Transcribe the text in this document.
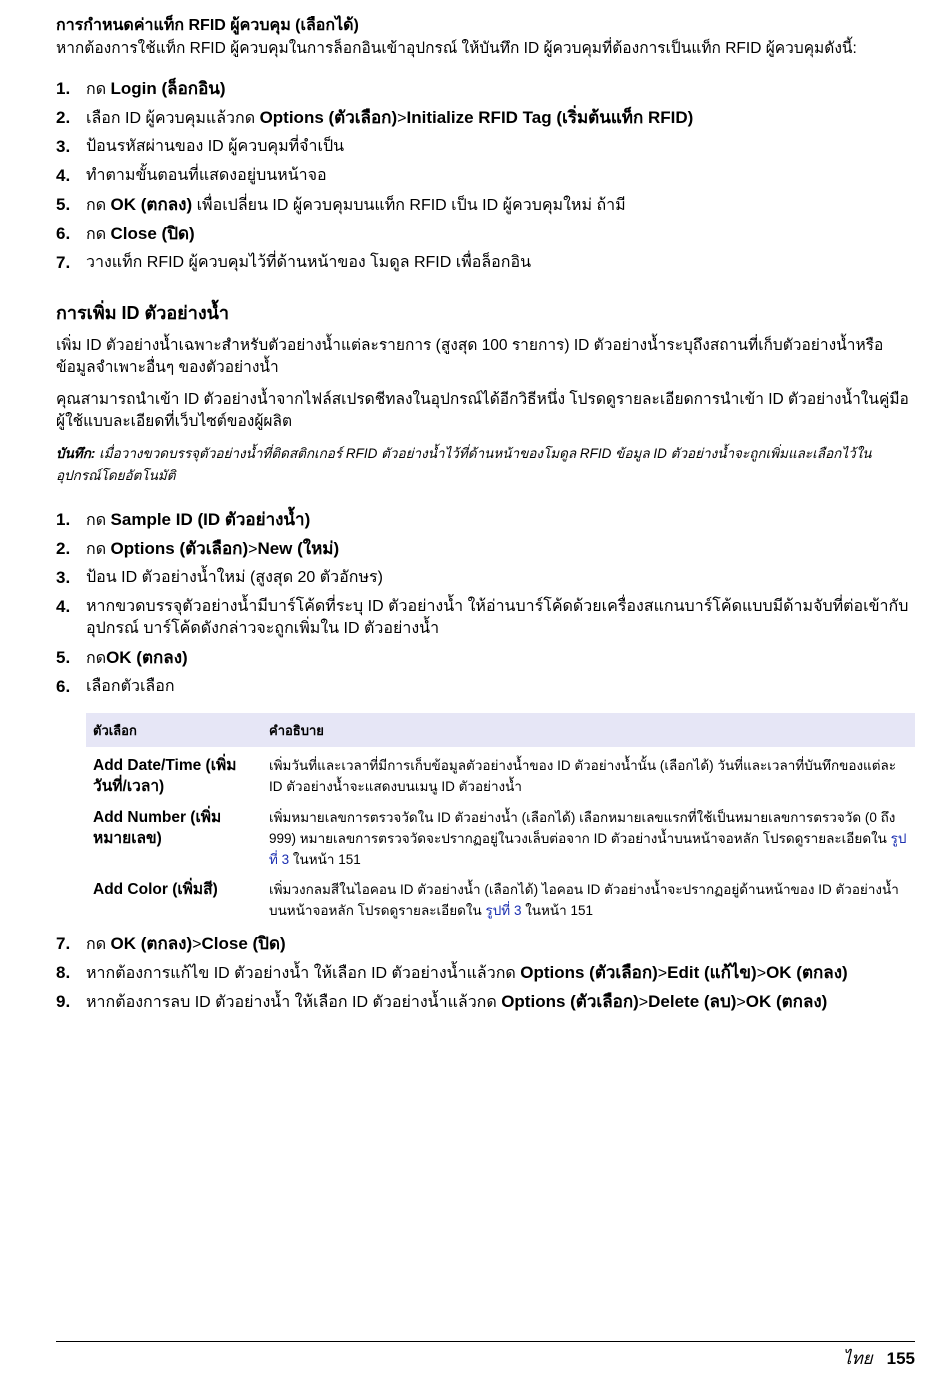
การกำหนดค่าแท็ก RFID ผู้ควบคุม (เลือกได้)

หากต้องการใช้แท็ก RFID ผู้ควบคุมในการล็อกอินเข้าอุปกรณ์ ให้บันทึก ID ผู้ควบคุมที่ต้องการเป็นแท็ก RFID ผู้ควบคุมดังนี้:

1. กด Login (ล็อกอิน)
2. เลือก ID ผู้ควบคุมแล้วกด Options (ตัวเลือก)>Initialize RFID Tag (เริ่มต้นแท็ก RFID)
3. ป้อนรหัสผ่านของ ID ผู้ควบคุมที่จำเป็น
4. ทำตามขั้นตอนที่แสดงอยู่บนหน้าจอ
5. กด OK (ตกลง) เพื่อเปลี่ยน ID ผู้ควบคุมบนแท็ก RFID เป็น ID ผู้ควบคุมใหม่ ถ้ามี
6. กด Close (ปิด)
7. วางแท็ก RFID ผู้ควบคุมไว้ที่ด้านหน้าของ โมดูล RFID เพื่อล็อกอิน

การเพิ่ม ID ตัวอย่างน้ำ

เพิ่ม ID ตัวอย่างน้ำเฉพาะสำหรับตัวอย่างน้ำแต่ละรายการ (สูงสุด 100 รายการ) ID ตัวอย่างน้ำระบุถึงสถานที่เก็บตัวอย่างน้ำหรือข้อมูลจำเพาะอื่นๆ ของตัวอย่างน้ำ

คุณสามารถนำเข้า ID ตัวอย่างน้ำจากไฟล์สเปรดชีทลงในอุปกรณ์ได้อีกวิธีหนึ่ง โปรดดูรายละเอียดการนำเข้า ID ตัวอย่างน้ำในคู่มือผู้ใช้แบบละเอียดที่เว็บไซต์ของผู้ผลิต

บันทึก: เมื่อวางขวดบรรจุตัวอย่างน้ำที่ติดสติกเกอร์ RFID ตัวอย่างน้ำไว้ที่ด้านหน้าของโมดูล RFID ข้อมูล ID ตัวอย่างน้ำจะถูกเพิ่มและเลือกไว้ในอุปกรณ์โดยอัตโนมัติ

1. กด Sample ID (ID ตัวอย่างน้ำ)
2. กด Options (ตัวเลือก)>New (ใหม่)
3. ป้อน ID ตัวอย่างน้ำใหม่ (สูงสุด 20 ตัวอักษร)
4. หากขวดบรรจุตัวอย่างน้ำมีบาร์โค้ดที่ระบุ ID ตัวอย่างน้ำ ให้อ่านบาร์โค้ดด้วยเครื่องสแกนบาร์โค้ดแบบมีด้ามจับที่ต่อเข้ากับอุปกรณ์ บาร์โค้ดดังกล่าวจะถูกเพิ่มใน ID ตัวอย่างน้ำ
5. กดOK (ตกลง)
6. เลือกตัวเลือก
ตัวเลือก	คำอธิบาย
Add Date/Time (เพิ่มวันที่/เวลา)	เพิ่มวันที่และเวลาที่มีการเก็บข้อมูลตัวอย่างน้ำของ ID ตัวอย่างน้ำนั้น (เลือกได้) วันที่และเวลาที่บันทึกของแต่ละ ID ตัวอย่างน้ำจะแสดงบนเมนู ID ตัวอย่างน้ำ
Add Number (เพิ่มหมายเลข)	เพิ่มหมายเลขการตรวจวัดใน ID ตัวอย่างน้ำ (เลือกได้) เลือกหมายเลขแรกที่ใช้เป็นหมายเลขการตรวจวัด (0 ถึง 999) หมายเลขการตรวจวัดจะปรากฏอยู่ในวงเล็บต่อจาก ID ตัวอย่างน้ำบนหน้าจอหลัก โปรดดูรายละเอียดใน รูปที่ 3 ในหน้า 151
Add Color (เพิ่มสี)	เพิ่มวงกลมสีในไอคอน ID ตัวอย่างน้ำ (เลือกได้) ไอคอน ID ตัวอย่างน้ำจะปรากฏอยู่ด้านหน้าของ ID ตัวอย่างน้ำบนหน้าจอหลัก โปรดดูรายละเอียดใน รูปที่ 3 ในหน้า 151
7. กด OK (ตกลง)>Close (ปิด)
8. หากต้องการแก้ไข ID ตัวอย่างน้ำ ให้เลือก ID ตัวอย่างน้ำแล้วกด Options (ตัวเลือก)>Edit (แก้ไข)>OK (ตกลง)
9. หากต้องการลบ ID ตัวอย่างน้ำ ให้เลือก ID ตัวอย่างน้ำแล้วกด Options (ตัวเลือก)>Delete (ลบ)>OK (ตกลง)
ไทย 155
